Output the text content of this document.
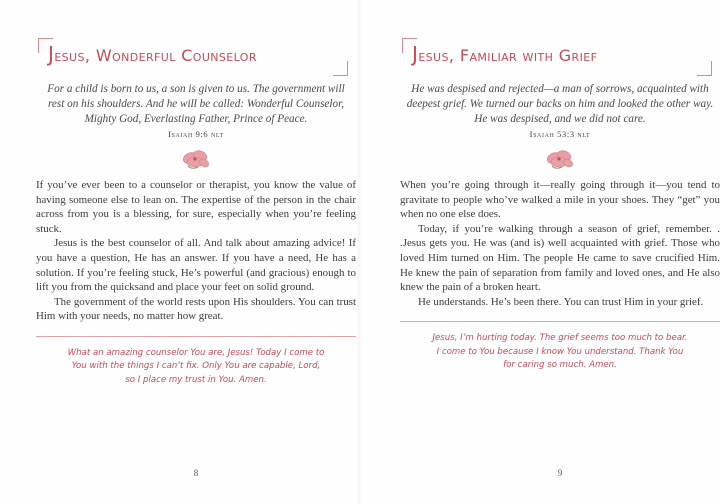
Jesus, Wonderful Counselor
For a child is born to us, a son is given to us. The government will rest on his shoulders. And he will be called: Wonderful Counselor, Mighty God, Everlasting Father, Prince of Peace.
Isaiah 9:6 nlt

If you’ve ever been to a counselor or therapist, you know the value of having someone else to lean on. The expertise of the person in the chair across from you is a blessing, for sure, especially when you’re feeling stuck.

Jesus is the best counselor of all. And talk about amazing advice! If you have a question, He has an answer. If you have a need, He has a solution. If you’re feeling stuck, He’s powerful (and gracious) enough to lift you from the quicksand and place your feet on solid ground.

The government of the world rests upon His shoulders. You can trust Him with your needs, no matter how great.

What an amazing counselor You are, Jesus! Today I come to You with the things I can’t fix. Only You are capable, Lord, so I place my trust in You. Amen.
8
Jesus, Familiar with Grief
He was despised and rejected—a man of sorrows, acquainted with deepest grief. We turned our backs on him and looked the other way. He was despised, and we did not care.
Isaiah 53:3 nlt

When you’re going through it—really going through it—you tend to gravitate to people who’ve walked a mile in your shoes. They “get” you when no one else does.

Today, if you’re walking through a season of grief, remember. . .Jesus gets you. He was (and is) well acquainted with grief. Those who loved Him turned on Him. The people He came to save crucified Him. He knew the pain of separation from family and loved ones, and He also knew the pain of a broken heart.

He understands. He’s been there. You can trust Him in your grief.

Jesus, I’m hurting today. The grief seems too much to bear. I come to You because I know You understand. Thank You for caring so much. Amen.
9
